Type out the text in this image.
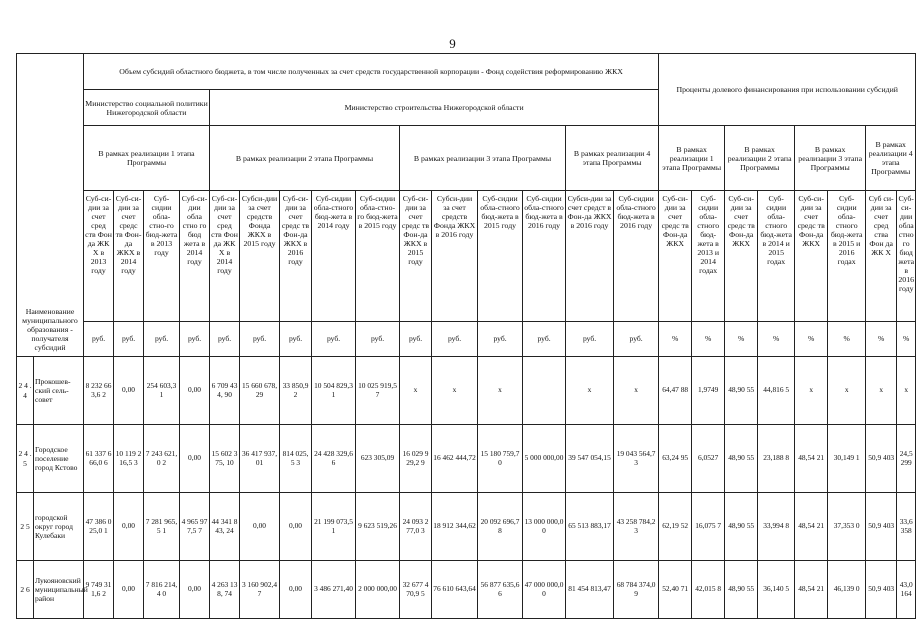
9
Наименование муниципального образования - получателя субсидий		Объем субсидий областного бюджета, в том числе полученных за счет средств государственной корпорации - Фонд содействия реформированию ЖКХ															Проценты долевого финансирования при использовании субсидий							
		Министерство социальной политики Нижегородской области				Министерство строительства Нижегородской области																		
		В рамках реализации 1 этапа Программы				В рамках реализации 2 этапа Программы					В рамках реализации 3 этапа Программы				В рамках реализации 4 этапа Программы		В рамках реализации 1 этапа Программы		В рамках реализации 2 этапа Программы		В рамках реализации 3 этапа Программы		В рамках реализации 4 этапа Программы	
		Суб-си-дии за счет сред ств Фон да ЖК Х в 2013 году	Суб-си-дии за счет средс тв Фон-да ЖКХ в 2014 году	Суб-сидии обла-стно-го бюд-жета в 2013 году	Суб-си-дии обла стно го бюд жета в 2014 году	Суб-си-дии за счет сред ств Фон да ЖК Х в 2014 году	Субси-дии за счет средств Фонда ЖКХ в 2015 году	Суб-си-дии за счет средс тв Фон-да ЖКХ в 2016 году	Суб-сидии обла-стного бюд-жета в 2014 году	Суб-сидии обла-стно-го бюд-жета в 2015 году	Суб-си-дии за счет средс тв Фон-да ЖКХ в 2015 году	Субси-дии за счет средств Фонда ЖКХ в 2016 году	Суб-сидии обла-стного бюд-жета в 2015 году	Суб-сидии обла-стного бюд-жета в 2016 году	Субси-дии за счет средст в Фон-да ЖКХ в 2016 году	Суб-сидии обла-стного бюд-жета в 2016 году	Суб-си-дии за счет средс тв Фон-да ЖКХ	Суб-сидии обла-стного бюд-жета в 2013 и 2014 годах	Суб-си-дии за счет средс тв Фон-да ЖКХ	Суб-сидии обла-стного бюд-жета в 2014 и 2015 годах	Суб-си-дии за счет средс тв Фон-да ЖКХ	Суб-сидии обла-стного бюд-жета в 2015 и 2016 годах	Суб си-дии за счет сред ства Фон да ЖК Х	Суб-си-дии обла стно го бюд жета в 2016 году
		руб.	руб.	руб.	руб.	руб.	руб.	руб.	руб.	руб.	руб.	руб.	руб.	руб.	руб.	руб.	%	%	%	%	%	%	%	%
2 4 . 4	Прокошев-ский сель-совет	8 232 663,6 2	0,00	254 603,3 1	0,00	6 709 434, 90	15 660 678,29	33 850,9 2	10 504 829,31	10 025 919,57	x	x	x		x	x	64,47 88	1,9749	48,90 55	44,816 5	x	x	x	x
2 4 . 5	Городское поселение город Кстово	61 337 666,0 6	10 119 216,5 3	7 243 621,0 2	0,00	15 602 375, 10	36 417 937,01	814 025,5 3	24 428 329,66	623 305,09	16 029 929,2 9	16 462 444,72	15 180 759,70	5 000 000,00	39 547 054,15	19 043 564,73	63,24 95	6,0527	48,90 55	23,188 8	48,54 21	30,149 1	50,9 403	24,5 299
2 5	городской округ город Кулебаки	47 386 025,0 1	0,00	7 281 965,5 1	4 965 977,5 7	44 341 843, 24	0,00	0,00	21 199 073,51	9 623 519,26	24 093 277,0 3	18 912 344,62	20 092 696,78	13 000 000,00	65 513 883,17	43 258 784,23	62,19 52	16,075 7	48,90 55	33,994 8	48,54 21	37,353 0	50,9 403	33,6 358
2 6	Лукояновский муниципальный район	9 749 311,6 2	0,00	7 816 214,4 0	0,00	4 263 138, 74	3 160 902,47	0,00	3 486 271,40	2 000 000,00	32 677 470,9 5	76 610 643,64	56 877 635,66	47 000 000,00	81 454 813,47	68 784 374,09	52,40 71	42,015 8	48,90 55	36,140 5	48,54 21	46,139 0	50,9 403	43,0 164
